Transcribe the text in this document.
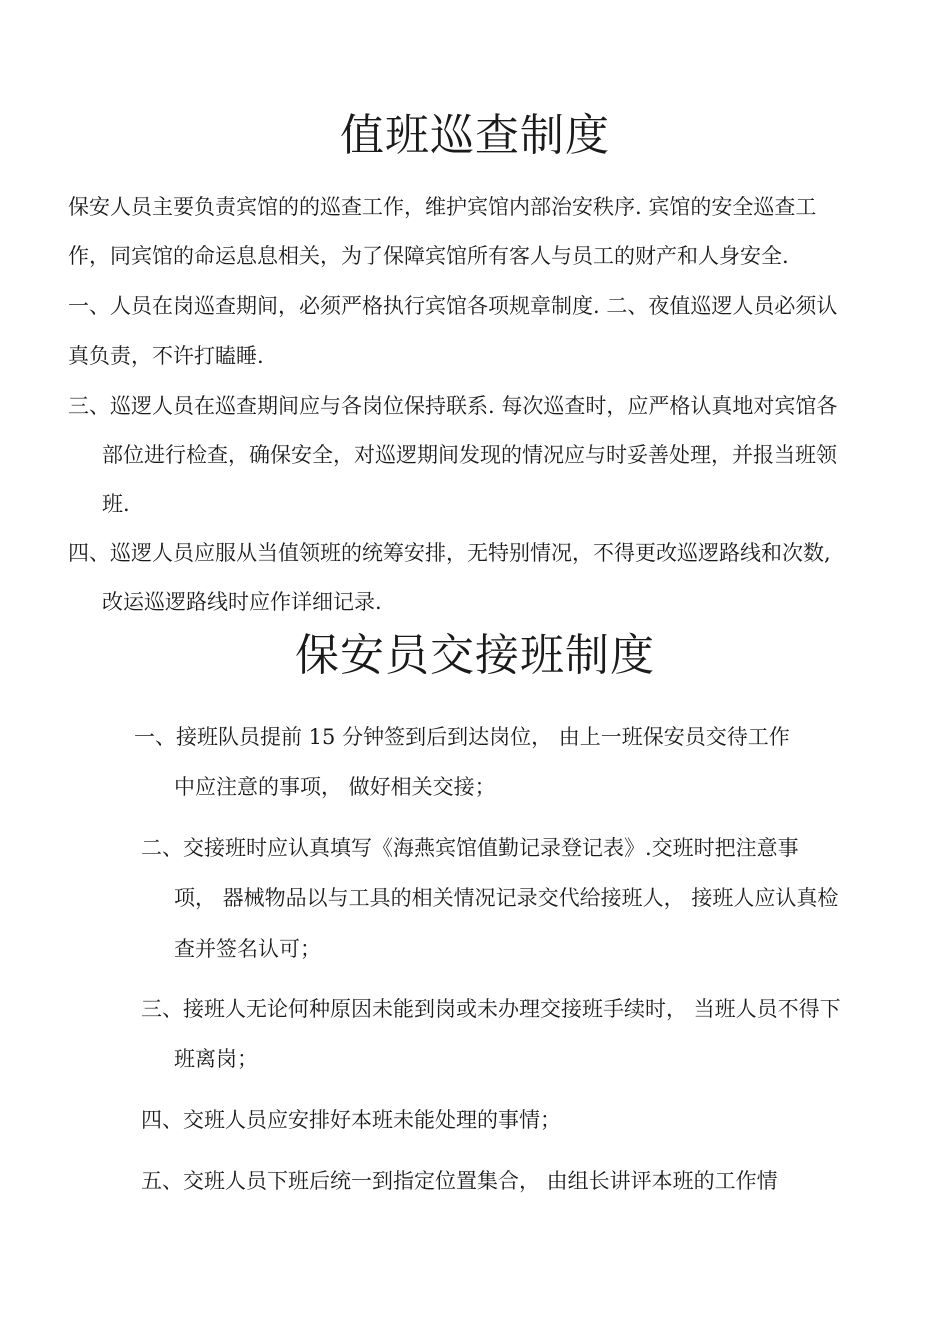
值班巡查制度
保安人员主要负责宾馆的的巡查工作，维护宾馆内部治安秩序. 宾馆的安全巡查工
作，同宾馆的命运息息相关，为了保障宾馆所有客人与员工的财产和人身安全.
一、人员在岗巡查期间，必须严格执行宾馆各项规章制度. 二、夜值巡逻人员必须认
真负责，不许打瞌睡.
三、巡逻人员在巡查期间应与各岗位保持联系. 每次巡查时，应严格认真地对宾馆各
部位进行检查，确保安全，对巡逻期间发现的情况应与时妥善处理，并报当班领
班.
四、巡逻人员应服从当值领班的统筹安排，无特别情况，不得更改巡逻路线和次数,
改运巡逻路线时应作详细记录.
保安员交接班制度
一、接班队员提前 15 分钟签到后到达岗位， 由上一班保安员交待工作
中应注意的事项， 做好相关交接；
二、交接班时应认真填写《海燕宾馆值勤记录登记表》.交班时把注意事
项， 器械物品以与工具的相关情况记录交代给接班人， 接班人应认真检
查并签名认可；
三、接班人无论何种原因未能到岗或未办理交接班手续时， 当班人员不得下
班离岗；
四、交班人员应安排好本班未能处理的事情；
五、交班人员下班后统一到指定位置集合， 由组长讲评本班的工作情
